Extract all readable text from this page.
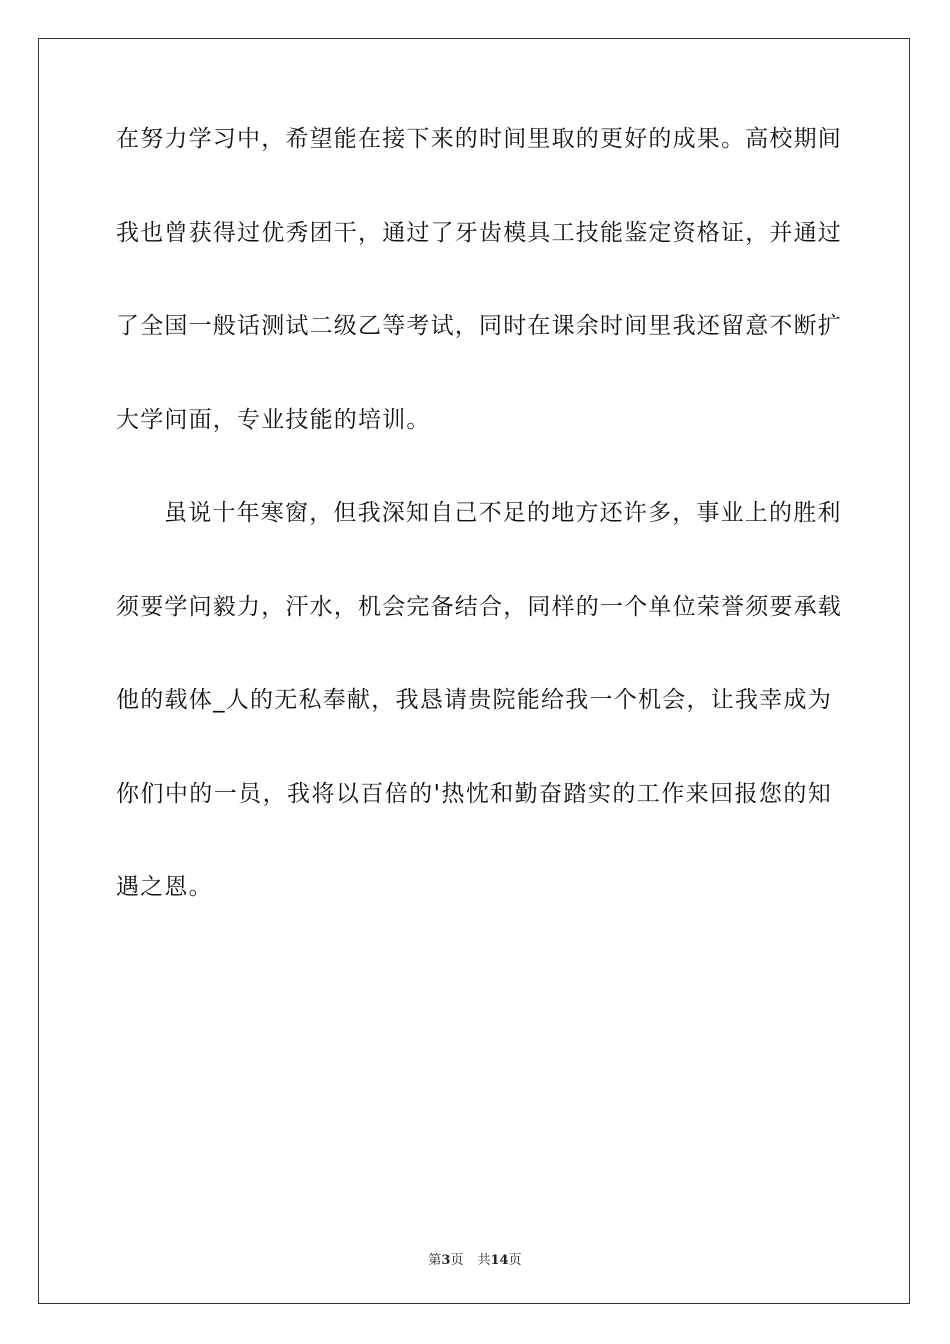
在努力学习中，希望能在接下来的时间里取的更好的成果。高校期间
我也曾获得过优秀团干，通过了牙齿模具工技能鉴定资格证，并通过
了全国一般话测试二级乙等考试，同时在课余时间里我还留意不断扩
大学问面，专业技能的培训。
虽说十年寒窗，但我深知自己不足的地方还许多，事业上的胜利
须要学问毅力，汗水，机会完备结合，同样的一个单位荣誉须要承载
他的载体_人的无私奉献，我恳请贵院能给我一个机会，让我幸成为
你们中的一员，我将以百倍的'热忱和勤奋踏实的工作来回报您的知
遇之恩。
第3页 共14页
